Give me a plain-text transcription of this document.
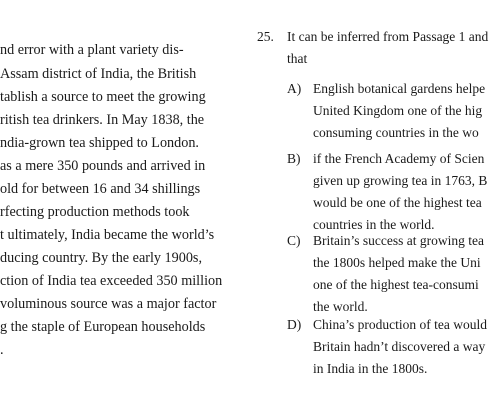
nd error with a plant variety dis-

Assam district of India, the British

tablish a source to meet the growing

ritish tea drinkers. In May 1838, the

ndia-grown tea shipped to London.

as a mere 350 pounds and arrived in

old for between 16 and 34 shillings

rfecting production methods took

t ultimately, India became the world’s

ducing country. By the early 1900s,

ction of India tea exceeded 350 million

voluminous source was a major factor

g the staple of European households

.

25. It can be inferred from Passage 1 and
that
A) English botanical gardens helpe
United Kingdom one of the hig
consuming countries in the wo
B) if the French Academy of Scien
given up growing tea in 1763, B
would be one of the highest tea
countries in the world.
C) Britain’s success at growing tea
the 1800s helped make the Uni
one of the highest tea-consumi
the world.
D) China’s production of tea would
Britain hadn’t discovered a way
in India in the 1800s.
